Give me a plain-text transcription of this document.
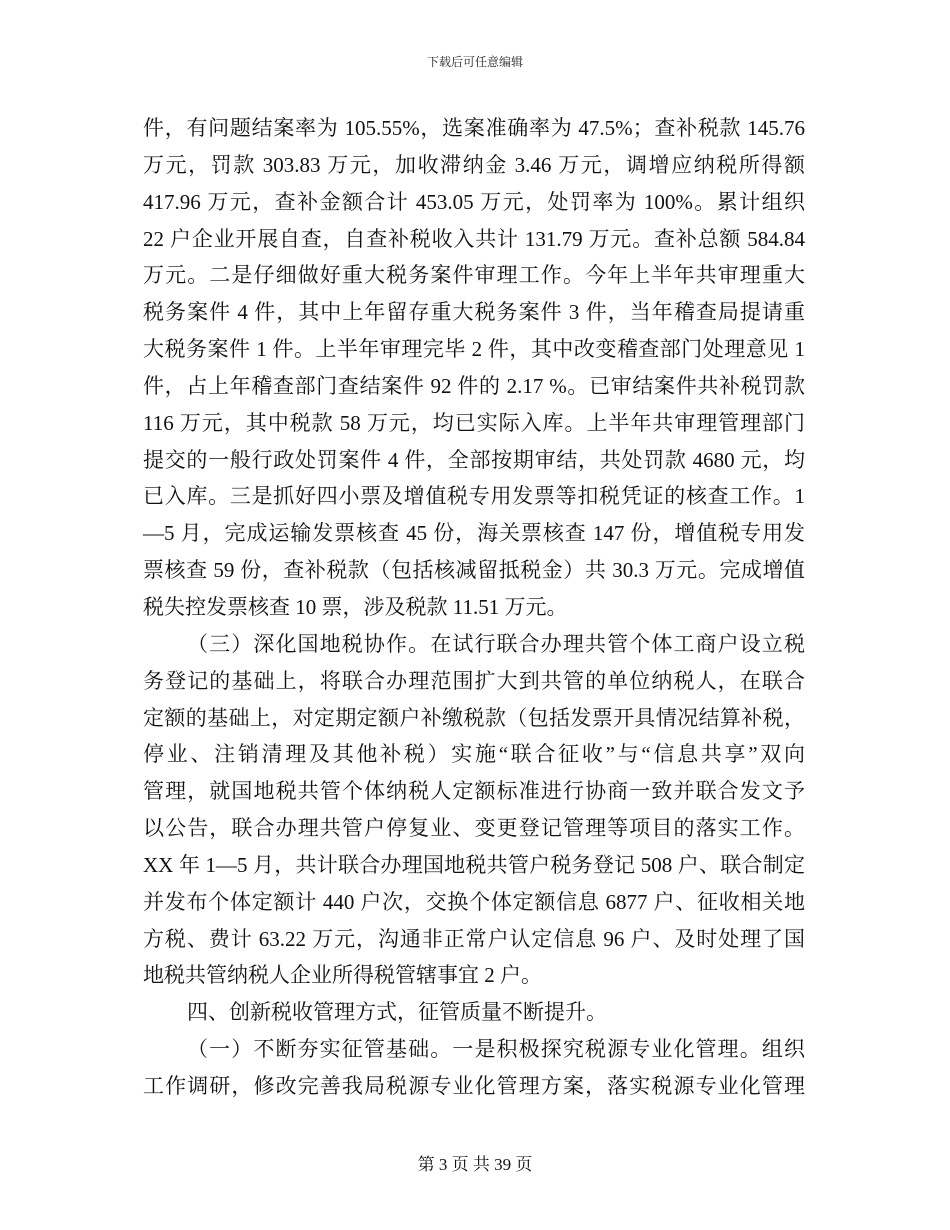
下载后可任意编辑
件，有问题结案率为 105.55%，选案准确率为 47.5%；查补税款 145.76
万元，罚款 303.83 万元，加收滞纳金 3.46 万元，调增应纳税所得额
417.96 万元，查补金额合计 453.05 万元，处罚率为 100%。累计组织
22 户企业开展自查，自查补税收入共计 131.79 万元。查补总额 584.84
万元。二是仔细做好重大税务案件审理工作。今年上半年共审理重大
税务案件 4 件，其中上年留存重大税务案件 3 件，当年稽查局提请重
大税务案件 1 件。上半年审理完毕 2 件，其中改变稽查部门处理意见 1
件，占上年稽查部门查结案件 92 件的 2.17 %。已审结案件共补税罚款
116 万元，其中税款 58 万元，均已实际入库。上半年共审理管理部门
提交的一般行政处罚案件 4 件，全部按期审结，共处罚款 4680 元，均
已入库。三是抓好四小票及增值税专用发票等扣税凭证的核查工作。1
—5 月，完成运输发票核查 45 份，海关票核查 147 份，增值税专用发
票核查 59 份，查补税款（包括核减留抵税金）共 30.3 万元。完成增值
税失控发票核查 10 票，涉及税款 11.51 万元。
（三）深化国地税协作。在试行联合办理共管个体工商户设立税
务登记的基础上，将联合办理范围扩大到共管的单位纳税人，在联合
定额的基础上，对定期定额户补缴税款（包括发票开具情况结算补税，
停业、注销清理及其他补税）实施“联合征收”与“信息共享”双向
管理，就国地税共管个体纳税人定额标准进行协商一致并联合发文予
以公告，联合办理共管户停复业、变更登记管理等项目的落实工作。
XX 年 1—5 月，共计联合办理国地税共管户税务登记 508 户、联合制定
并发布个体定额计 440 户次，交换个体定额信息 6877 户、征收相关地
方税、费计 63.22 万元，沟通非正常户认定信息 96 户、及时处理了国
地税共管纳税人企业所得税管辖事宜 2 户。
四、创新税收管理方式，征管质量不断提升。
（一）不断夯实征管基础。一是积极探究税源专业化管理。组织
工作调研，修改完善我局税源专业化管理方案，落实税源专业化管理
第 3 页 共 39 页
